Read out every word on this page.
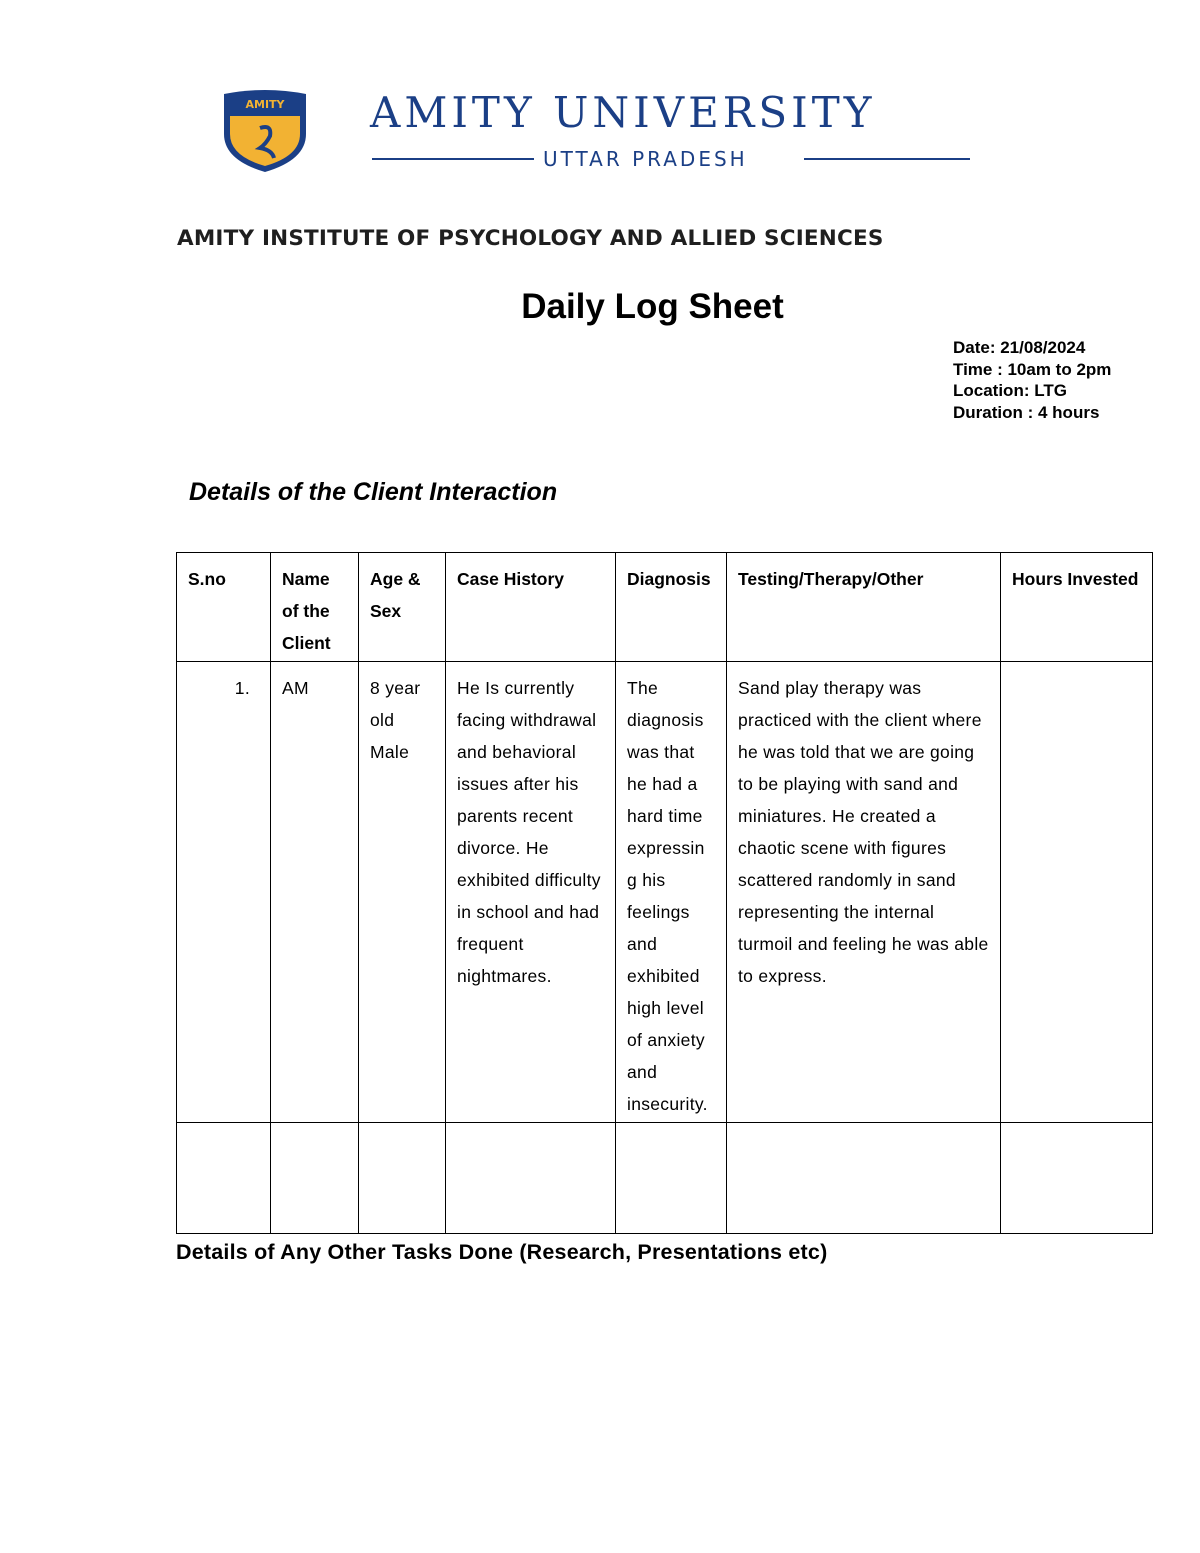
AMITY AMITY UNIVERSITY
UTTAR PRADESH
AMITY INSTITUTE OF PSYCHOLOGY AND ALLIED SCIENCES
Daily Log Sheet
Date: 21/08/2024
Time : 10am to 2pm
Location: LTG
Duration : 4 hours
Details of the Client Interaction
S.no	Name of the Client	Age & Sex	Case History	Diagnosis	Testing/Therapy/Other	Hours Invested
1.	AM	8 year old Male	He Is currently facing withdrawal and behavioral issues after his parents recent divorce. He exhibited difficulty in school and had frequent nightmares.	The diagnosis was that he had a hard time expressin g his feelings and exhibited high level of anxiety and insecurity.	Sand play therapy was practiced with the client where he was told that we are going to be playing with sand and miniatures. He created a chaotic scene with figures scattered randomly in sand representing the internal turmoil and feeling he was able to express.	

Details of Any Other Tasks Done (Research, Presentations etc)
